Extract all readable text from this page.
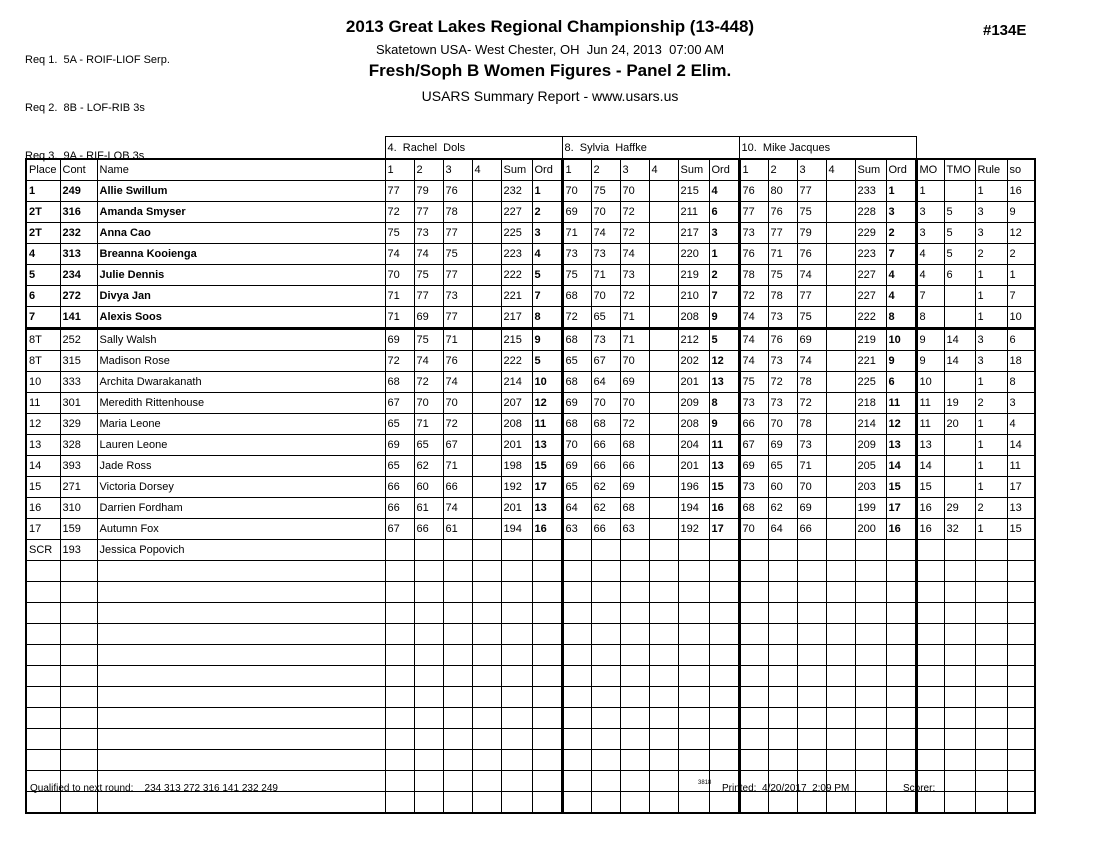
Req 1.  5A - ROIF-LIOF Serp.

Req 2.  8B - LOF-RIB 3s

Req 3.  9A - RIF-LOB 3s

#134E
2013 Great Lakes Regional Championship (13-448)
Skatetown USA- West Chester, OH  Jun 24, 2013  07:00 AM
Fresh/Soph B Women Figures - Panel 2 Elim.
USARS Summary Report - www.usars.us
			4.  Rachel  Dols						8.  Sylvia  Haffke						10.  Mike Jacques									
Place	Cont	Name	1	2	3	4	Sum	Ord	1	2	3	4	Sum	Ord	1	2	3	4	Sum	Ord	MO	TMO	Rule	so
1	249	Allie Swillum	77	79	76		232	1	70	75	70		215	4	76	80	77		233	1	1		1	16
2T	316	Amanda Smyser	72	77	78		227	2	69	70	72		211	6	77	76	75		228	3	3	5	3	9
2T	232	Anna Cao	75	73	77		225	3	71	74	72		217	3	73	77	79		229	2	3	5	3	12
4	313	Breanna Kooienga	74	74	75		223	4	73	73	74		220	1	76	71	76		223	7	4	5	2	2
5	234	Julie Dennis	70	75	77		222	5	75	71	73		219	2	78	75	74		227	4	4	6	1	1
6	272	Divya Jan	71	77	73		221	7	68	70	72		210	7	72	78	77		227	4	7		1	7
7	141	Alexis Soos	71	69	77		217	8	72	65	71		208	9	74	73	75		222	8	8		1	10
8T	252	Sally Walsh	69	75	71		215	9	68	73	71		212	5	74	76	69		219	10	9	14	3	6
8T	315	Madison Rose	72	74	76		222	5	65	67	70		202	12	74	73	74		221	9	9	14	3	18
10	333	Archita Dwarakanath	68	72	74		214	10	68	64	69		201	13	75	72	78		225	6	10		1	8
11	301	Meredith Rittenhouse	67	70	70		207	12	69	70	70		209	8	73	73	72		218	11	11	19	2	3
12	329	Maria Leone	65	71	72		208	11	68	68	72		208	9	66	70	78		214	12	11	20	1	4
13	328	Lauren Leone	69	65	67		201	13	70	66	68		204	11	67	69	73		209	13	13		1	14
14	393	Jade Ross	65	62	71		198	15	69	66	66		201	13	69	65	71		205	14	14		1	11
15	271	Victoria Dorsey	66	60	66		192	17	65	62	69		196	15	73	60	70		203	15	15		1	17
16	310	Darrien Fordham	66	61	74		201	13	64	62	68		194	16	68	62	69		199	17	16	29	2	13
17	159	Autumn Fox	67	66	61		194	16	63	66	63		192	17	70	64	66		200	16	16	32	1	15
SCR	193	Jessica Popovich																						

Qualified to next round:    234 313 272 316 141 232 249	3818 Printed:  4/20/2017  2:09 PM	Scorer:
